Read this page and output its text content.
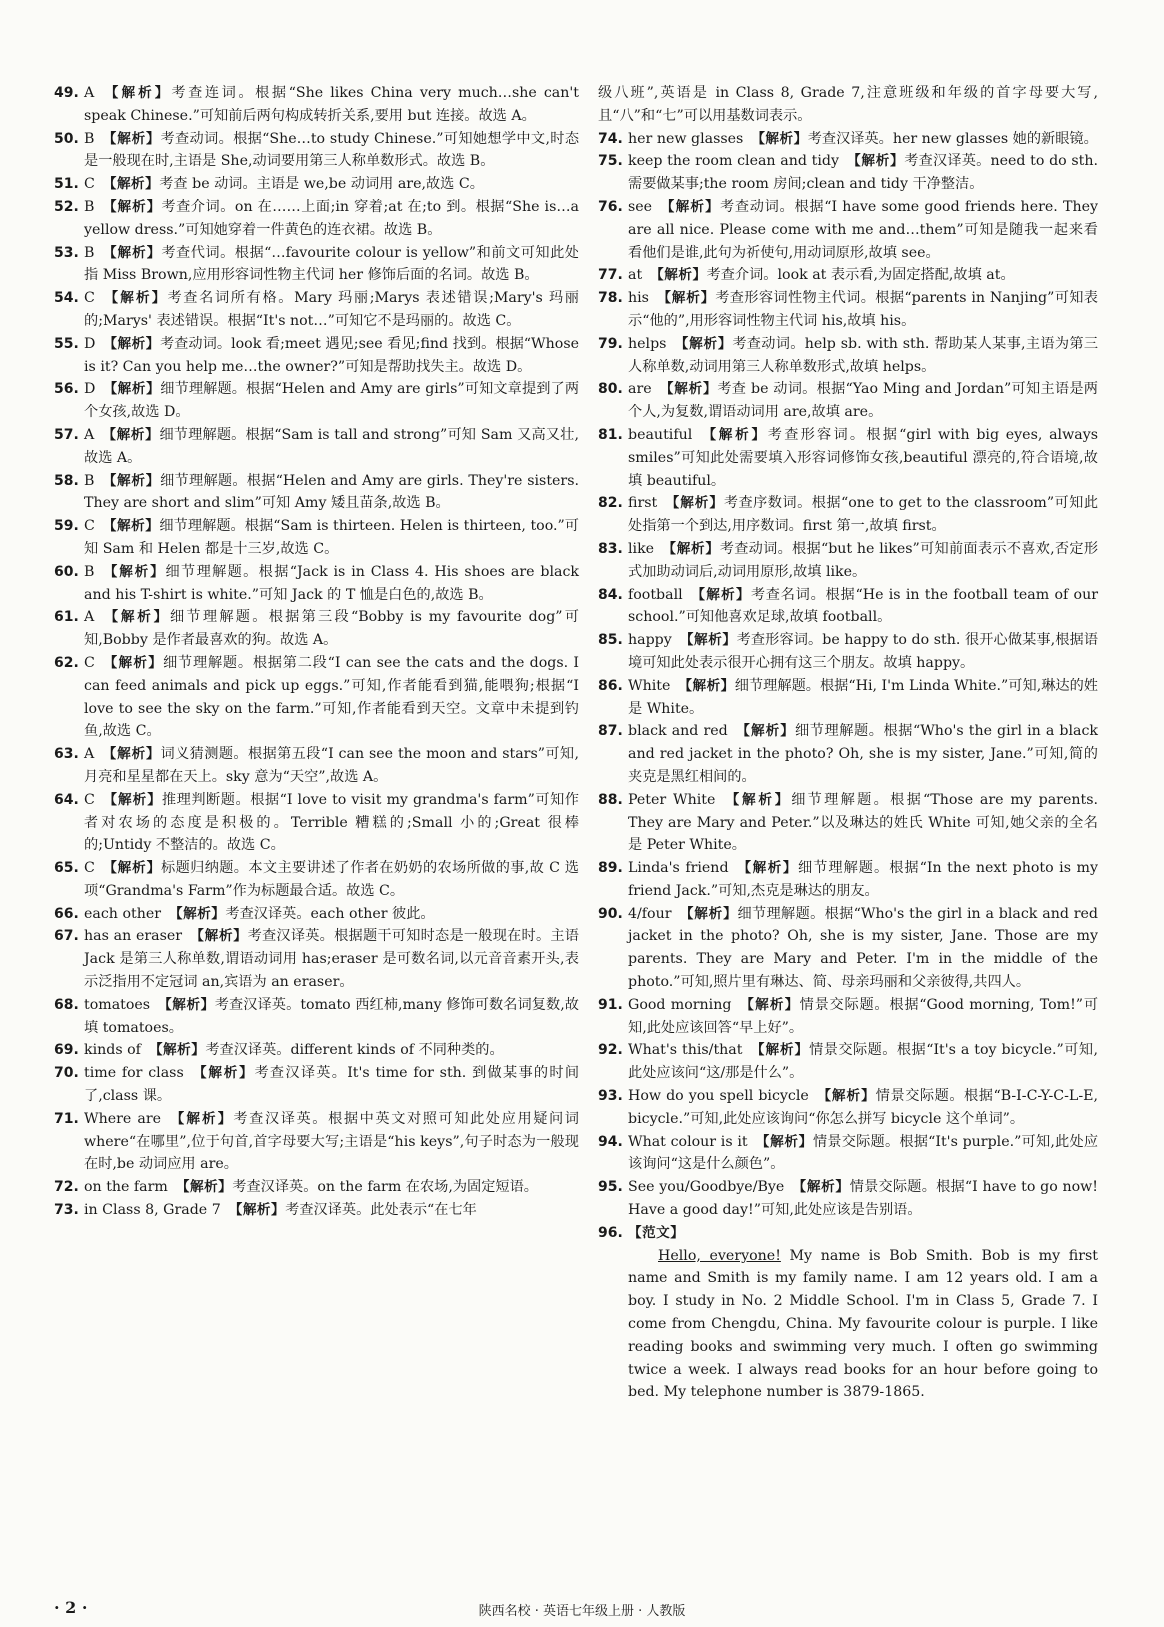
49. A 【解析】考查连词。根据“She likes China very much…she can't speak Chinese.”可知前后两句构成转折关系,要用 but 连接。故选 A。

50. B 【解析】考查动词。根据“She…to study Chinese.”可知她想学中文,时态是一般现在时,主语是 She,动词要用第三人称单数形式。故选 B。

51. C 【解析】考查 be 动词。主语是 we,be 动词用 are,故选 C。

52. B 【解析】考查介词。on 在……上面;in 穿着;at 在;to 到。根据“She is…a yellow dress.”可知她穿着一件黄色的连衣裙。故选 B。

53. B 【解析】考查代词。根据“…favourite colour is yellow”和前文可知此处指 Miss Brown,应用形容词性物主代词 her 修饰后面的名词。故选 B。

54. C 【解析】考查名词所有格。Mary 玛丽;Marys 表述错误;Mary's 玛丽的;Marys' 表述错误。根据“It's not…”可知它不是玛丽的。故选 C。

55. D 【解析】考查动词。look 看;meet 遇见;see 看见;find 找到。根据“Whose is it? Can you help me…the owner?”可知是帮助找失主。故选 D。

56. D 【解析】细节理解题。根据“Helen and Amy are girls”可知文章提到了两个女孩,故选 D。

57. A 【解析】细节理解题。根据“Sam is tall and strong”可知 Sam 又高又壮,故选 A。

58. B 【解析】细节理解题。根据“Helen and Amy are girls. They're sisters. They are short and slim”可知 Amy 矮且苗条,故选 B。

59. C 【解析】细节理解题。根据“Sam is thirteen. Helen is thirteen, too.”可知 Sam 和 Helen 都是十三岁,故选 C。

60. B 【解析】细节理解题。根据“Jack is in Class 4. His shoes are black and his T-shirt is white.”可知 Jack 的 T 恤是白色的,故选 B。

61. A 【解析】细节理解题。根据第三段“Bobby is my favourite dog”可知,Bobby 是作者最喜欢的狗。故选 A。

62. C 【解析】细节理解题。根据第二段“I can see the cats and the dogs. I can feed animals and pick up eggs.”可知,作者能看到猫,能喂狗;根据“I love to see the sky on the farm.”可知,作者能看到天空。文章中未提到钓鱼,故选 C。

63. A 【解析】词义猜测题。根据第五段“I can see the moon and stars”可知,月亮和星星都在天上。sky 意为“天空”,故选 A。

64. C 【解析】推理判断题。根据“I love to visit my grandma's farm”可知作者对农场的态度是积极的。Terrible 糟糕的;Small 小的;Great 很棒的;Untidy 不整洁的。故选 C。

65. C 【解析】标题归纳题。本文主要讲述了作者在奶奶的农场所做的事,故 C 选项“Grandma's Farm”作为标题最合适。故选 C。

66. each other 【解析】考查汉译英。each other 彼此。

67. has an eraser 【解析】考查汉译英。根据题干可知时态是一般现在时。主语 Jack 是第三人称单数,谓语动词用 has;eraser 是可数名词,以元音音素开头,表示泛指用不定冠词 an,宾语为 an eraser。

68. tomatoes 【解析】考查汉译英。tomato 西红柿,many 修饰可数名词复数,故填 tomatoes。

69. kinds of 【解析】考查汉译英。different kinds of 不同种类的。

70. time for class 【解析】考查汉译英。It's time for sth. 到做某事的时间了,class 课。

71. Where are 【解析】考查汉译英。根据中英文对照可知此处应用疑问词 where“在哪里”,位于句首,首字母要大写;主语是“his keys”,句子时态为一般现在时,be 动词应用 are。

72. on the farm 【解析】考查汉译英。on the farm 在农场,为固定短语。

73. in Class 8, Grade 7 【解析】考查汉译英。此处表示“在七年

级八班”,英语是 in Class 8, Grade 7,注意班级和年级的首字母要大写,且“八”和“七”可以用基数词表示。

74. her new glasses 【解析】考查汉译英。her new glasses 她的新眼镜。

75. keep the room clean and tidy 【解析】考查汉译英。need to do sth. 需要做某事;the room 房间;clean and tidy 干净整洁。

76. see 【解析】考查动词。根据“I have some good friends here. They are all nice. Please come with me and…them”可知是随我一起来看看他们是谁,此句为祈使句,用动词原形,故填 see。

77. at 【解析】考查介词。look at 表示看,为固定搭配,故填 at。

78. his 【解析】考查形容词性物主代词。根据“parents in Nanjing”可知表示“他的”,用形容词性物主代词 his,故填 his。

79. helps 【解析】考查动词。help sb. with sth. 帮助某人某事,主语为第三人称单数,动词用第三人称单数形式,故填 helps。

80. are 【解析】考查 be 动词。根据“Yao Ming and Jordan”可知主语是两个人,为复数,谓语动词用 are,故填 are。

81. beautiful 【解析】考查形容词。根据“girl with big eyes, always smiles”可知此处需要填入形容词修饰女孩,beautiful 漂亮的,符合语境,故填 beautiful。

82. first 【解析】考查序数词。根据“one to get to the classroom”可知此处指第一个到达,用序数词。first 第一,故填 first。

83. like 【解析】考查动词。根据“but he likes”可知前面表示不喜欢,否定形式加助动词后,动词用原形,故填 like。

84. football 【解析】考查名词。根据“He is in the football team of our school.”可知他喜欢足球,故填 football。

85. happy 【解析】考查形容词。be happy to do sth. 很开心做某事,根据语境可知此处表示很开心拥有这三个朋友。故填 happy。

86. White 【解析】细节理解题。根据“Hi, I'm Linda White.”可知,琳达的姓是 White。

87. black and red 【解析】细节理解题。根据“Who's the girl in a black and red jacket in the photo? Oh, she is my sister, Jane.”可知,简的夹克是黑红相间的。

88. Peter White 【解析】细节理解题。根据“Those are my parents. They are Mary and Peter.”以及琳达的姓氏 White 可知,她父亲的全名是 Peter White。

89. Linda's friend 【解析】细节理解题。根据“In the next photo is my friend Jack.”可知,杰克是琳达的朋友。

90. 4/four 【解析】细节理解题。根据“Who's the girl in a black and red jacket in the photo? Oh, she is my sister, Jane. Those are my parents. They are Mary and Peter. I'm in the middle of the photo.”可知,照片里有琳达、简、母亲玛丽和父亲彼得,共四人。

91. Good morning 【解析】情景交际题。根据“Good morning, Tom!”可知,此处应该回答“早上好”。

92. What's this/that 【解析】情景交际题。根据“It's a toy bicycle.”可知,此处应该问“这/那是什么”。

93. How do you spell bicycle 【解析】情景交际题。根据“B-I-C-Y-C-L-E, bicycle.”可知,此处应该询问“你怎么拼写 bicycle 这个单词”。

94. What colour is it 【解析】情景交际题。根据“It's purple.”可知,此处应该询问“这是什么颜色”。

95. See you/Goodbye/Bye 【解析】情景交际题。根据“I have to go now! Have a good day!”可知,此处应该是告别语。

96. 【范文】

Hello, everyone! My name is Bob Smith. Bob is my first name and Smith is my family name. I am 12 years old. I am a boy. I study in No. 2 Middle School. I'm in Class 5, Grade 7. I come from Chengdu, China. My favourite colour is purple. I like reading books and swimming very much. I often go swimming twice a week. I always read books for an hour before going to bed. My telephone number is 3879-1865.

· 2 ·	陕西名校 · 英语七年级上册 · 人教版
